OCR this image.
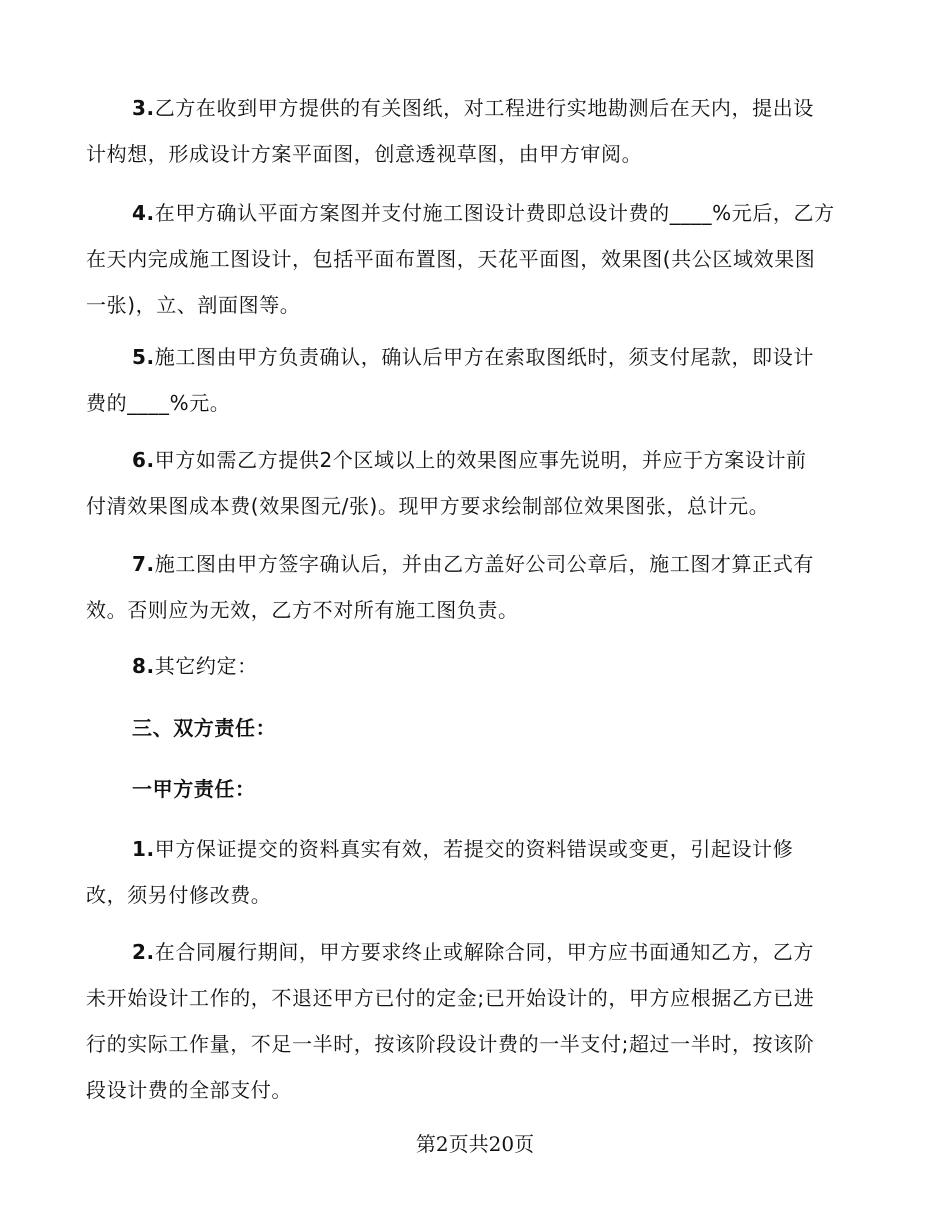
3.乙方在收到甲方提供的有关图纸，对工程进行实地勘测后在天内，提出设
计构想，形成设计方案平面图，创意透视草图，由甲方审阅。
4.在甲方确认平面方案图并支付施工图设计费即总设计费的____%元后，乙方
在天内完成施工图设计，包括平面布置图，天花平面图，效果图(共公区域效果图
一张)，立、剖面图等。
5.施工图由甲方负责确认，确认后甲方在索取图纸时，须支付尾款，即设计
费的____%元。
6.甲方如需乙方提供2个区域以上的效果图应事先说明，并应于方案设计前
付清效果图成本费(效果图元/张)。现甲方要求绘制部位效果图张，总计元。
7.施工图由甲方签字确认后，并由乙方盖好公司公章后，施工图才算正式有
效。否则应为无效，乙方不对所有施工图负责。
8.其它约定：
三、双方责任：
一甲方责任：
1.甲方保证提交的资料真实有效，若提交的资料错误或变更，引起设计修
改，须另付修改费。
2.在合同履行期间，甲方要求终止或解除合同，甲方应书面通知乙方，乙方
未开始设计工作的，不退还甲方已付的定金;已开始设计的，甲方应根据乙方已进
行的实际工作量，不足一半时，按该阶段设计费的一半支付;超过一半时，按该阶
段设计费的全部支付。
第2页共20页
